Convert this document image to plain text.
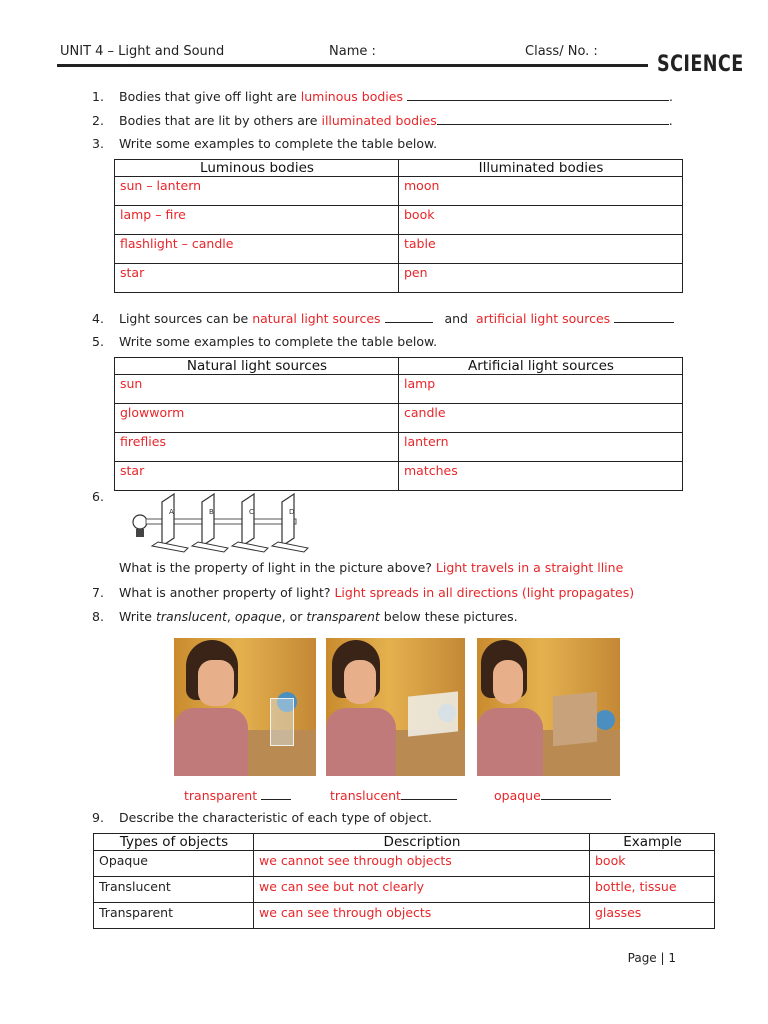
UNIT 4 – Light and Sound	Name :	Class/ No. :
SCIENCE
1. Bodies that give off light are luminous bodies	.
2. Bodies that are lit by others are illuminated bodies	.
3. Write some examples to complete the table below.
Luminous bodies	Illuminated bodies
sun – lantern	moon
lamp – fire	book
flashlight – candle	table
star	pen
4. Light sources can be natural light sources	and artificial light sources
5. Write some examples to complete the table below.
Natural light sources	Artificial light sources
sun	lamp
glowworm	candle
fireflies	lantern
star	matches
6.
A	B	C	D
What is the property of light in the picture above? Light travels in a straight lline
7. What is another property of light? Light spreads in all directions (light propagates)
8. Write translucent, opaque, or transparent below these pictures.
transparent	translucent	opaque
9. Describe the characteristic of each type of object.
Types of objects	Description	Example
Opaque	we cannot see through objects	book
Translucent	we can see but not clearly	bottle, tissue
Transparent	we can see through objects	glasses
Page | 1
